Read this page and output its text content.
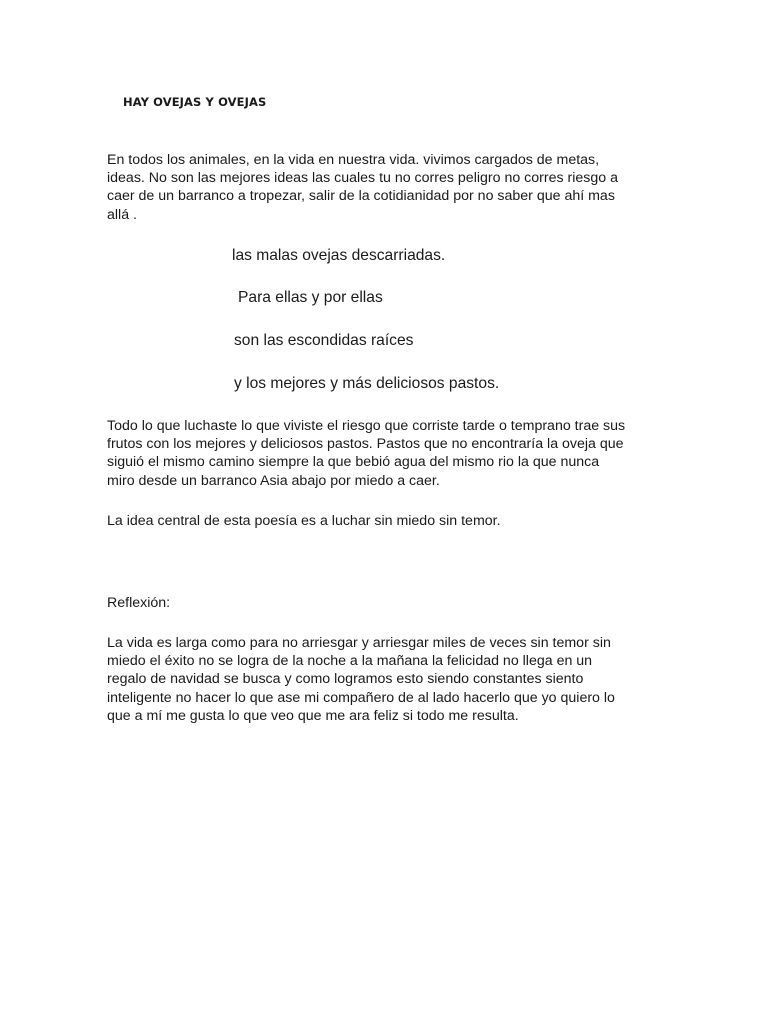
HAY OVEJAS Y OVEJAS

En todos los animales, en la vida en nuestra vida. vivimos cargados de metas,
ideas. No son las mejores ideas las cuales tu no corres peligro no corres riesgo a
caer de un barranco a tropezar, salir de la cotidianidad por no saber que ahí mas
allá .

las malas ovejas descarriadas.
Para ellas y por ellas
son las escondidas raíces
y los mejores y más deliciosos pastos.

Todo lo que luchaste lo que viviste el riesgo que corriste tarde o temprano trae sus
frutos con los mejores y deliciosos pastos. Pastos que no encontraría la oveja que
siguió el mismo camino siempre la que bebió agua del mismo rio la que nunca
miro desde un barranco Asia abajo por miedo a caer.

La idea central de esta poesía es a luchar sin miedo sin temor.

Reflexión:

La vida es larga como para no arriesgar y arriesgar miles de veces sin temor sin
miedo el éxito no se logra de la noche a la mañana la felicidad no llega en un
regalo de navidad se busca y como logramos esto siendo constantes siento
inteligente no hacer lo que ase mi compañero de al lado hacerlo que yo quiero lo
que a mí me gusta lo que veo que me ara feliz si todo me resulta.
